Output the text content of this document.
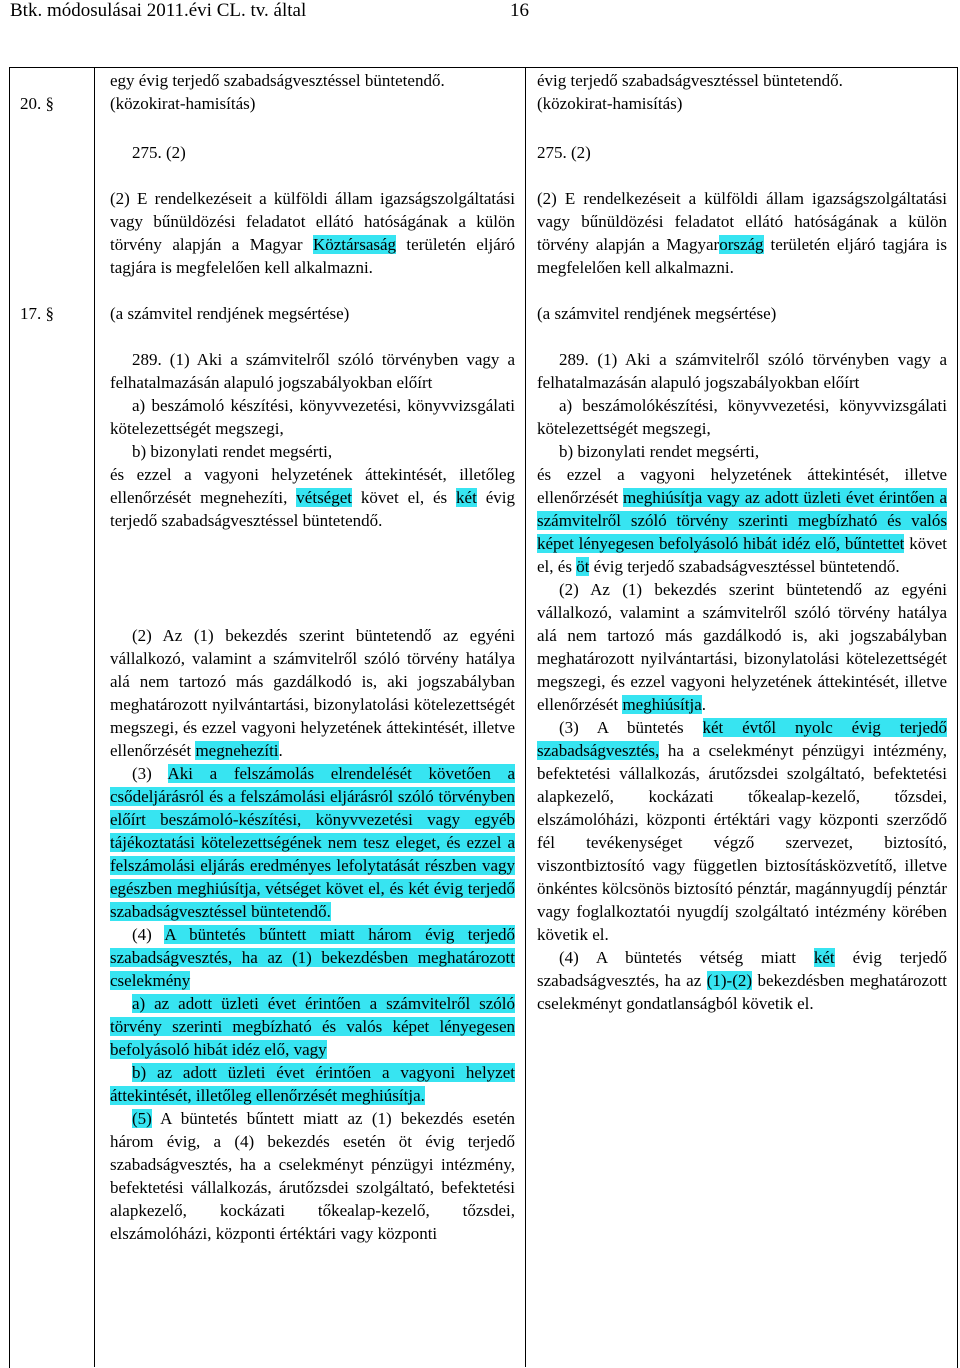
Btk. módosulásai 2011.évi CL. tv. által	16
20. §
17. §
egy évig terjedő szabadságvesztéssel büntetendő.
(közokirat-hamisítás)
275. (2)
(2) E rendelkezéseit a külföldi állam igazságszolgáltatási vagy bűnüldözési feladatot ellátó hatóságának a külön törvény alapján a Magyar Köztársaság területén eljáró tagjára is megfelelően kell alkalmazni.
(a számvitel rendjének megsértése)

289. (1) Aki a számvitelről szóló törvényben vagy a felhatalmazásán alapuló jogszabályokban előírt

a) beszámoló készítési, könyvvezetési, könyvvizsgálati kötelezettségét megszegi,

b) bizonylati rendet megsérti,

és ezzel a vagyoni helyzetének áttekintését, illetőleg ellenőrzését megnehezíti, vétséget követ el, és két évig terjedő szabadságvesztéssel büntetendő.

(2) Az (1) bekezdés szerint büntetendő az egyéni vállalkozó, valamint a számvitelről szóló törvény hatálya alá nem tartozó más gazdálkodó is, aki jogszabályban meghatározott nyilvántartási, bizonylatolási kötelezettségét megszegi, és ezzel vagyoni helyzetének áttekintését, illetve ellenőrzését megnehezíti.

(3) Aki a felszámolás elrendelését követően a csődeljárásról és a felszámolási eljárásról szóló törvényben előírt beszámoló-készítési, könyvvezetési vagy egyéb tájékoztatási kötelezettségének nem tesz eleget, és ezzel a felszámolási eljárás eredményes lefolytatását részben vagy egészben meghiúsítja, vétséget követ el, és két évig terjedő szabadságvesztéssel büntetendő.

(4) A büntetés bűntett miatt három évig terjedő szabadságvesztés, ha az (1) bekezdésben meghatározott cselekmény

a) az adott üzleti évet érintően a számvitelről szóló törvény szerinti megbízható és valós képet lényegesen befolyásoló hibát idéz elő, vagy

b) az adott üzleti évet érintően a vagyoni helyzet áttekintését, illetőleg ellenőrzését meghiúsítja.

(5) A büntetés bűntett miatt az (1) bekezdés esetén három évig, a (4) bekezdés esetén öt évig terjedő szabadságvesztés, ha a cselekményt pénzügyi intézmény, befektetési vállalkozás, árutőzsdei szolgáltató, befektetési alapkezelő, kockázati tőkealap-kezelő, tőzsdei, elszámolóházi, központi értéktári vagy központi

évig terjedő szabadságvesztéssel büntetendő.
(közokirat-hamisítás)
275. (2)
(2) E rendelkezéseit a külföldi állam igazságszolgáltatási vagy bűnüldözési feladatot ellátó hatóságának a külön törvény alapján a Magyarország területén eljáró tagjára is megfelelően kell alkalmazni.
(a számvitel rendjének megsértése)

289. (1) Aki a számvitelről szóló törvényben vagy a felhatalmazásán alapuló jogszabályokban előírt

a) beszámolókészítési, könyvvezetési, könyvvizsgálati kötelezettségét megszegi,

b) bizonylati rendet megsérti,

és ezzel a vagyoni helyzetének áttekintését, illetve ellenőrzését meghiúsítja vagy az adott üzleti évet érintően a számvitelről szóló törvény szerinti megbízható és valós képet lényegesen befolyásoló hibát idéz elő, bűntettet követ el, és öt évig terjedő szabadságvesztéssel büntetendő.

(2) Az (1) bekezdés szerint büntetendő az egyéni vállalkozó, valamint a számvitelről szóló törvény hatálya alá nem tartozó más gazdálkodó is, aki jogszabályban meghatározott nyilvántartási, bizonylatolási kötelezettségét megszegi, és ezzel vagyoni helyzetének áttekintését, illetve ellenőrzését meghiúsítja.

(3) A büntetés két évtől nyolc évig terjedő szabadságvesztés, ha a cselekményt pénzügyi intézmény, befektetési vállalkozás, árutőzsdei szolgáltató, befektetési alapkezelő, kockázati tőkealap-kezelő, tőzsdei, elszámolóházi, központi értéktári vagy központi szerződő fél tevékenységet végző szervezet, biztosító, viszontbiztosító vagy független biztosításközvetítő, illetve önkéntes kölcsönös biztosító pénztár, magánnyugdíj pénztár vagy foglalkoztatói nyugdíj szolgáltató intézmény körében követik el.

(4) A büntetés vétség miatt két évig terjedő szabadságvesztés, ha az (1)-(2) bekezdésben meghatározott cselekményt gondatlanságból követik el.
